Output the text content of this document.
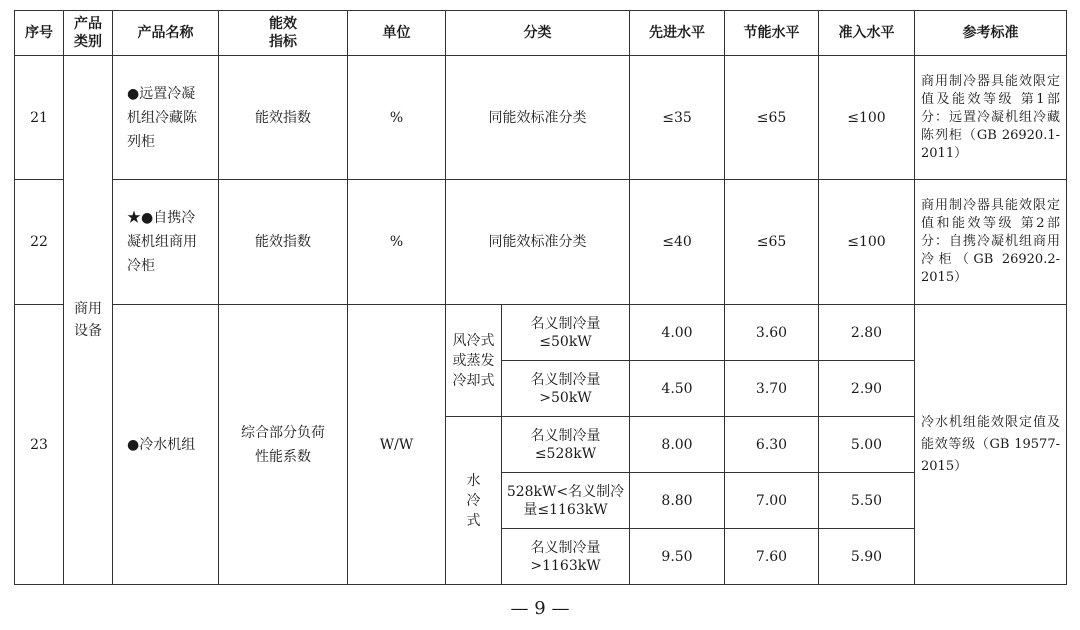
序号	产品类别	产品名称	能效指标	单位	分类		先进水平	节能水平	准入水平	参考标准
21	商用设备	●远置冷凝机组冷藏陈列柜	能效指数	%	同能效标准分类		≤35	≤65	≤100	商用制冷器具能效限定值及能效等级 第1部分：远置冷凝机组冷藏陈列柜（GB 26920.1-2011）
22		★●自携冷凝机组商用冷柜	能效指数	%	同能效标准分类		≤40	≤65	≤100	商用制冷器具能效限定值和能效等级 第2部分：自携冷凝机组商用冷柜（GB 26920.2-2015）
23		●冷水机组	综合部分负荷性能系数	W/W	风冷式或蒸发冷却式	名义制冷量≤50kW	4.00	3.60	2.80	冷水机组能效限定值及能效等级（GB 19577-2015）
						名义制冷量>50kW	4.50	3.70	2.90	

					水冷式	名义制冷量≤528kW	8.00	6.30	5.00	
						528kW<名义制冷量≤1163kW	8.80	7.00	5.50	
						名义制冷量>1163kW	9.50	7.60	5.90	
— 9 —
